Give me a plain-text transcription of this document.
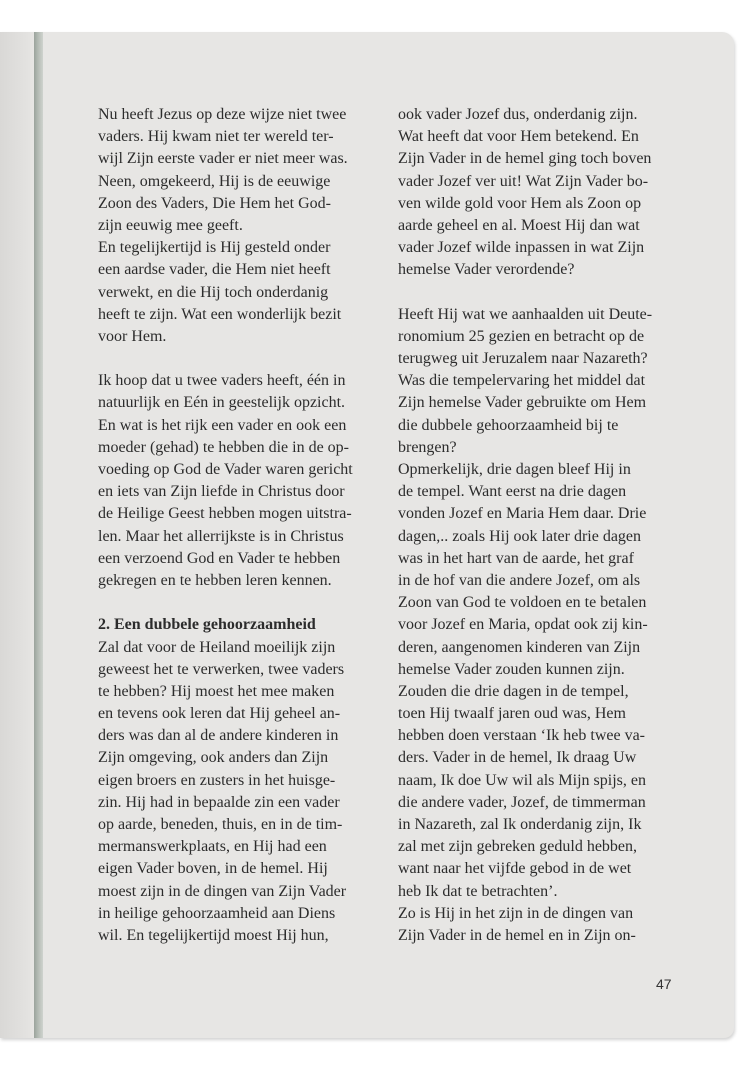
Nu heeft Jezus op deze wijze niet twee
vaders. Hij kwam niet ter wereld ter-
wijl Zijn eerste vader er niet meer was.
Neen, omgekeerd, Hij is de eeuwige
Zoon des Vaders, Die Hem het God-
zijn eeuwig mee geeft.
En tegelijkertijd is Hij gesteld onder
een aardse vader, die Hem niet heeft
verwekt, en die Hij toch onderdanig
heeft te zijn. Wat een wonderlijk bezit
voor Hem.
Ik hoop dat u twee vaders heeft, één in
natuurlijk en Eén in geestelijk opzicht.
En wat is het rijk een vader en ook een
moeder (gehad) te hebben die in de op-
voeding op God de Vader waren gericht
en iets van Zijn liefde in Christus door
de Heilige Geest hebben mogen uitstra-
len. Maar het allerrijkste is in Christus
een verzoend God en Vader te hebben
gekregen en te hebben leren kennen.
2. Een dubbele gehoorzaamheid
Zal dat voor de Heiland moeilijk zijn
geweest het te verwerken, twee vaders
te hebben? Hij moest het mee maken
en tevens ook leren dat Hij geheel an-
ders was dan al de andere kinderen in
Zijn omgeving, ook anders dan Zijn
eigen broers en zusters in het huisge-
zin. Hij had in bepaalde zin een vader
op aarde, beneden, thuis, en in de tim-
mermanswerkplaats, en Hij had een
eigen Vader boven, in de hemel. Hij
moest zijn in de dingen van Zijn Vader
in heilige gehoorzaamheid aan Diens
wil. En tegelijkertijd moest Hij hun,
ook vader Jozef dus, onderdanig zijn.
Wat heeft dat voor Hem betekend. En
Zijn Vader in de hemel ging toch boven
vader Jozef ver uit! Wat Zijn Vader bo-
ven wilde gold voor Hem als Zoon op
aarde geheel en al. Moest Hij dan wat
vader Jozef wilde inpassen in wat Zijn
hemelse Vader verordende?
Heeft Hij wat we aanhaalden uit Deute-
ronomium 25 gezien en betracht op de
terugweg uit Jeruzalem naar Nazareth?
Was die tempelervaring het middel dat
Zijn hemelse Vader gebruikte om Hem
die dubbele gehoorzaamheid bij te
brengen?
Opmerkelijk, drie dagen bleef Hij in
de tempel. Want eerst na drie dagen
vonden Jozef en Maria Hem daar. Drie
dagen,.. zoals Hij ook later drie dagen
was in het hart van de aarde, het graf
in de hof van die andere Jozef, om als
Zoon van God te voldoen en te betalen
voor Jozef en Maria, opdat ook zij kin-
deren, aangenomen kinderen van Zijn
hemelse Vader zouden kunnen zijn.
Zouden die drie dagen in de tempel,
toen Hij twaalf jaren oud was, Hem
hebben doen verstaan ‘Ik heb twee va-
ders. Vader in de hemel, Ik draag Uw
naam, Ik doe Uw wil als Mijn spijs, en
die andere vader, Jozef, de timmerman
in Nazareth, zal Ik onderdanig zijn, Ik
zal met zijn gebreken geduld hebben,
want naar het vijfde gebod in de wet
heb Ik dat te betrachten’.
Zo is Hij in het zijn in de dingen van
Zijn Vader in de hemel en in Zijn on-
47
